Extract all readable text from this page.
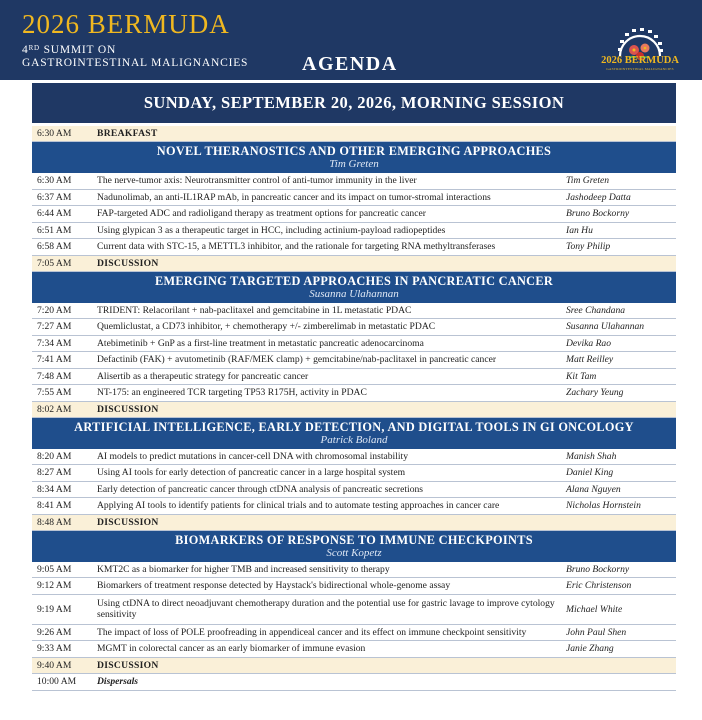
2026 BERMUDA
4RD SUMMIT ON
GASTROINTESTINAL MALIGNANCIES	AGENDA	2026 BERMUDA
GASTROINTESTINAL MALIGNANCIES
SUNDAY, SEPTEMBER 20, 2026, MORNING SESSION
6:30 AM	BREAKFAST
NOVEL THERANOSTICS AND OTHER EMERGING APPROACHES
Tim Greten
6:30 AM	The nerve-tumor axis: Neurotransmitter control of anti-tumor immunity in the liver	Tim Greten
6:37 AM	Nadunolimab, an anti-IL1RAP mAb, in pancreatic cancer and its impact on tumor-stromal interactions	Jashodeep Datta
6:44 AM	FAP-targeted ADC and radioligand therapy as treatment options for pancreatic cancer	Bruno Bockorny
6:51 AM	Using glypican 3 as a therapeutic target in HCC, including actinium-payload radiopeptides	Ian Hu
6:58 AM	Current data with STC-15, a METTL3 inhibitor, and the rationale for targeting RNA methyltransferases	Tony Philip
7:05 AM	DISCUSSION
EMERGING TARGETED APPROACHES IN PANCREATIC CANCER
Susanna Ulahannan
7:20 AM	TRIDENT: Relacorilant + nab-paclitaxel and gemcitabine in 1L metastatic PDAC	Sree Chandana
7:27 AM	Quemliclustat, a CD73 inhibitor, + chemotherapy +/- zimberelimab in metastatic PDAC	Susanna Ulahannan
7:34 AM	Atebimetinib + GnP as a first-line treatment in metastatic pancreatic adenocarcinoma	Devika Rao
7:41 AM	Defactinib (FAK) + avutometinib (RAF/MEK clamp) + gemcitabine/nab-paclitaxel in pancreatic cancer	Matt Reilley
7:48 AM	Alisertib as a therapeutic strategy for pancreatic cancer	Kit Tam
7:55 AM	NT-175: an engineered TCR targeting TP53 R175H, activity in PDAC	Zachary Yeung
8:02 AM	DISCUSSION
ARTIFICIAL INTELLIGENCE, EARLY DETECTION, AND DIGITAL TOOLS IN GI ONCOLOGY
Patrick Boland
8:20 AM	AI models to predict mutations in cancer-cell DNA with chromosomal instability	Manish Shah
8:27 AM	Using AI tools for early detection of pancreatic cancer in a large hospital system	Daniel King
8:34 AM	Early detection of pancreatic cancer through ctDNA analysis of pancreatic secretions	Alana Nguyen
8:41 AM	Applying AI tools to identify patients for clinical trials and to automate testing approaches in cancer care	Nicholas Hornstein
8:48 AM	DISCUSSION
BIOMARKERS OF RESPONSE TO IMMUNE CHECKPOINTS
Scott Kopetz
9:05 AM	KMT2C as a biomarker for higher TMB and increased sensitivity to therapy	Bruno Bockorny
9:12 AM	Biomarkers of treatment response detected by Haystack's bidirectional whole-genome assay	Eric Christenson
9:19 AM	Using ctDNA to direct neoadjuvant chemotherapy duration and the potential use for gastric lavage to improve cytology sensitivity	Michael White
9:26 AM	The impact of loss of POLE proofreading in appendiceal cancer and its effect on immune checkpoint sensitivity	John Paul Shen
9:33 AM	MGMT in colorectal cancer as an early biomarker of immune evasion	Janie Zhang
9:40 AM	DISCUSSION
10:00 AM	Dispersals
